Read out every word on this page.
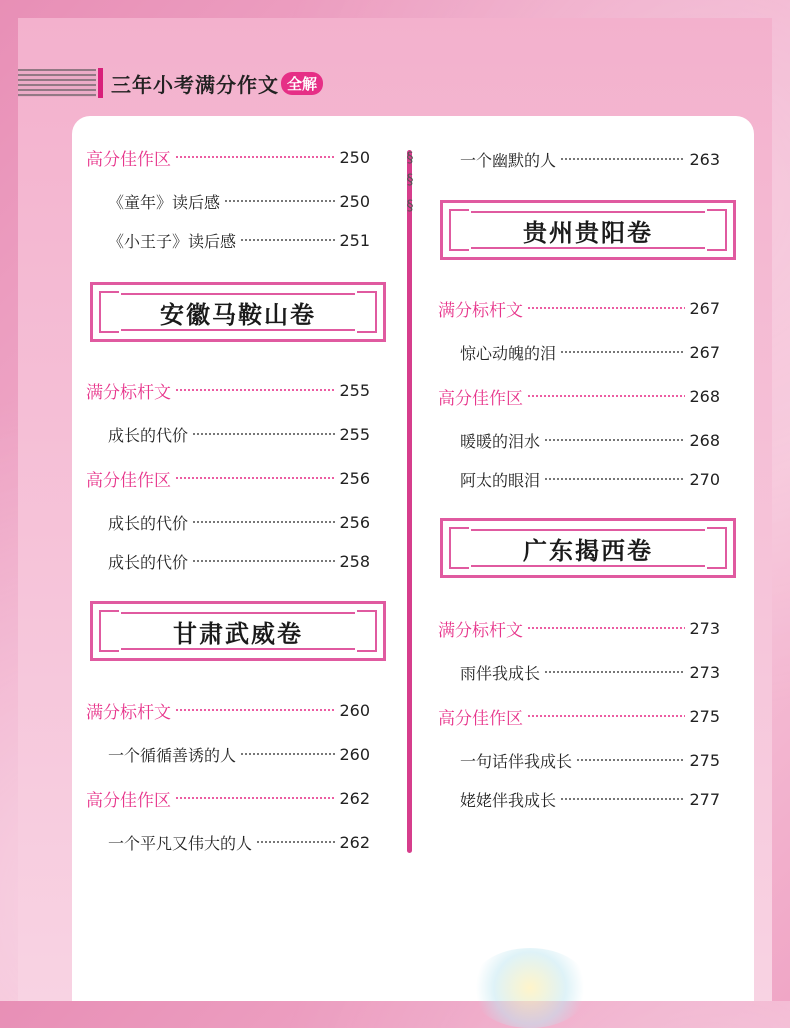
三年小考满分作文 全解
§
§
§
高分佳作区	250
《童年》读后感	250
《小王子》读后感	251
安徽马鞍山卷
满分标杆文	255
成长的代价	255
高分佳作区	256
成长的代价	256
成长的代价	258
甘肃武威卷
满分标杆文	260
一个循循善诱的人	260
高分佳作区	262
一个平凡又伟大的人	262
一个幽默的人	263
贵州贵阳卷
满分标杆文	267
惊心动魄的泪	267
高分佳作区	268
暖暖的泪水	268
阿太的眼泪	270
广东揭西卷
满分标杆文	273
雨伴我成长	273
高分佳作区	275
一句话伴我成长	275
姥姥伴我成长	277
